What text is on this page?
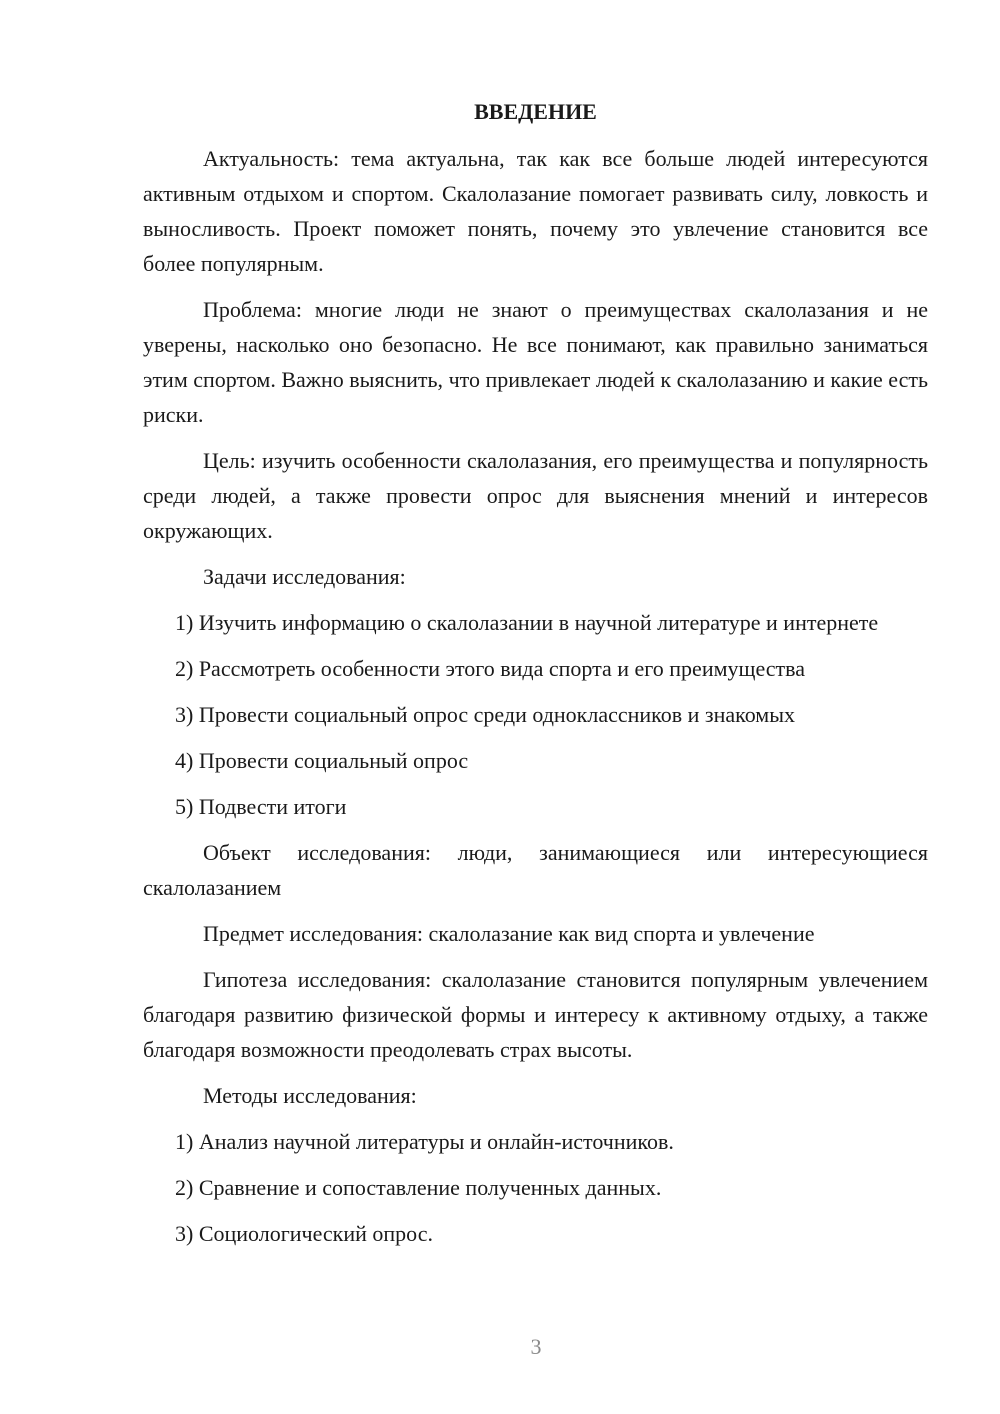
ВВЕДЕНИЕ

Актуальность: тема актуальна, так как все больше людей интересуются активным отдыхом и спортом. Скалолазание помогает развивать силу, ловкость и выносливость. Проект поможет понять, почему это увлечение становится все более популярным.

Проблема: многие люди не знают о преимуществах скалолазания и не уверены, насколько оно безопасно. Не все понимают, как правильно заниматься этим спортом. Важно выяснить, что привлекает людей к скалолазанию и какие есть риски.

Цель: изучить особенности скалолазания, его преимущества и популярность среди людей, а также провести опрос для выяснения мнений и интересов окружающих.

Задачи исследования:

1) Изучить информацию о скалолазании в научной литературе и интернете

2) Рассмотреть особенности этого вида спорта и его преимущества

3) Провести социальный опрос среди одноклассников и знакомых

4) Провести социальный опрос

5) Подвести итоги

Объект исследования: люди, занимающиеся или интересующиеся скалолазанием

Предмет исследования: скалолазание как вид спорта и увлечение

Гипотеза исследования: скалолазание становится популярным увлечением благодаря развитию физической формы и интересу к активному отдыху, а также благодаря возможности преодолевать страх высоты.

Методы исследования:

1) Анализ научной литературы и онлайн-источников.

2) Сравнение и сопоставление полученных данных.

3) Социологический опрос.

3
